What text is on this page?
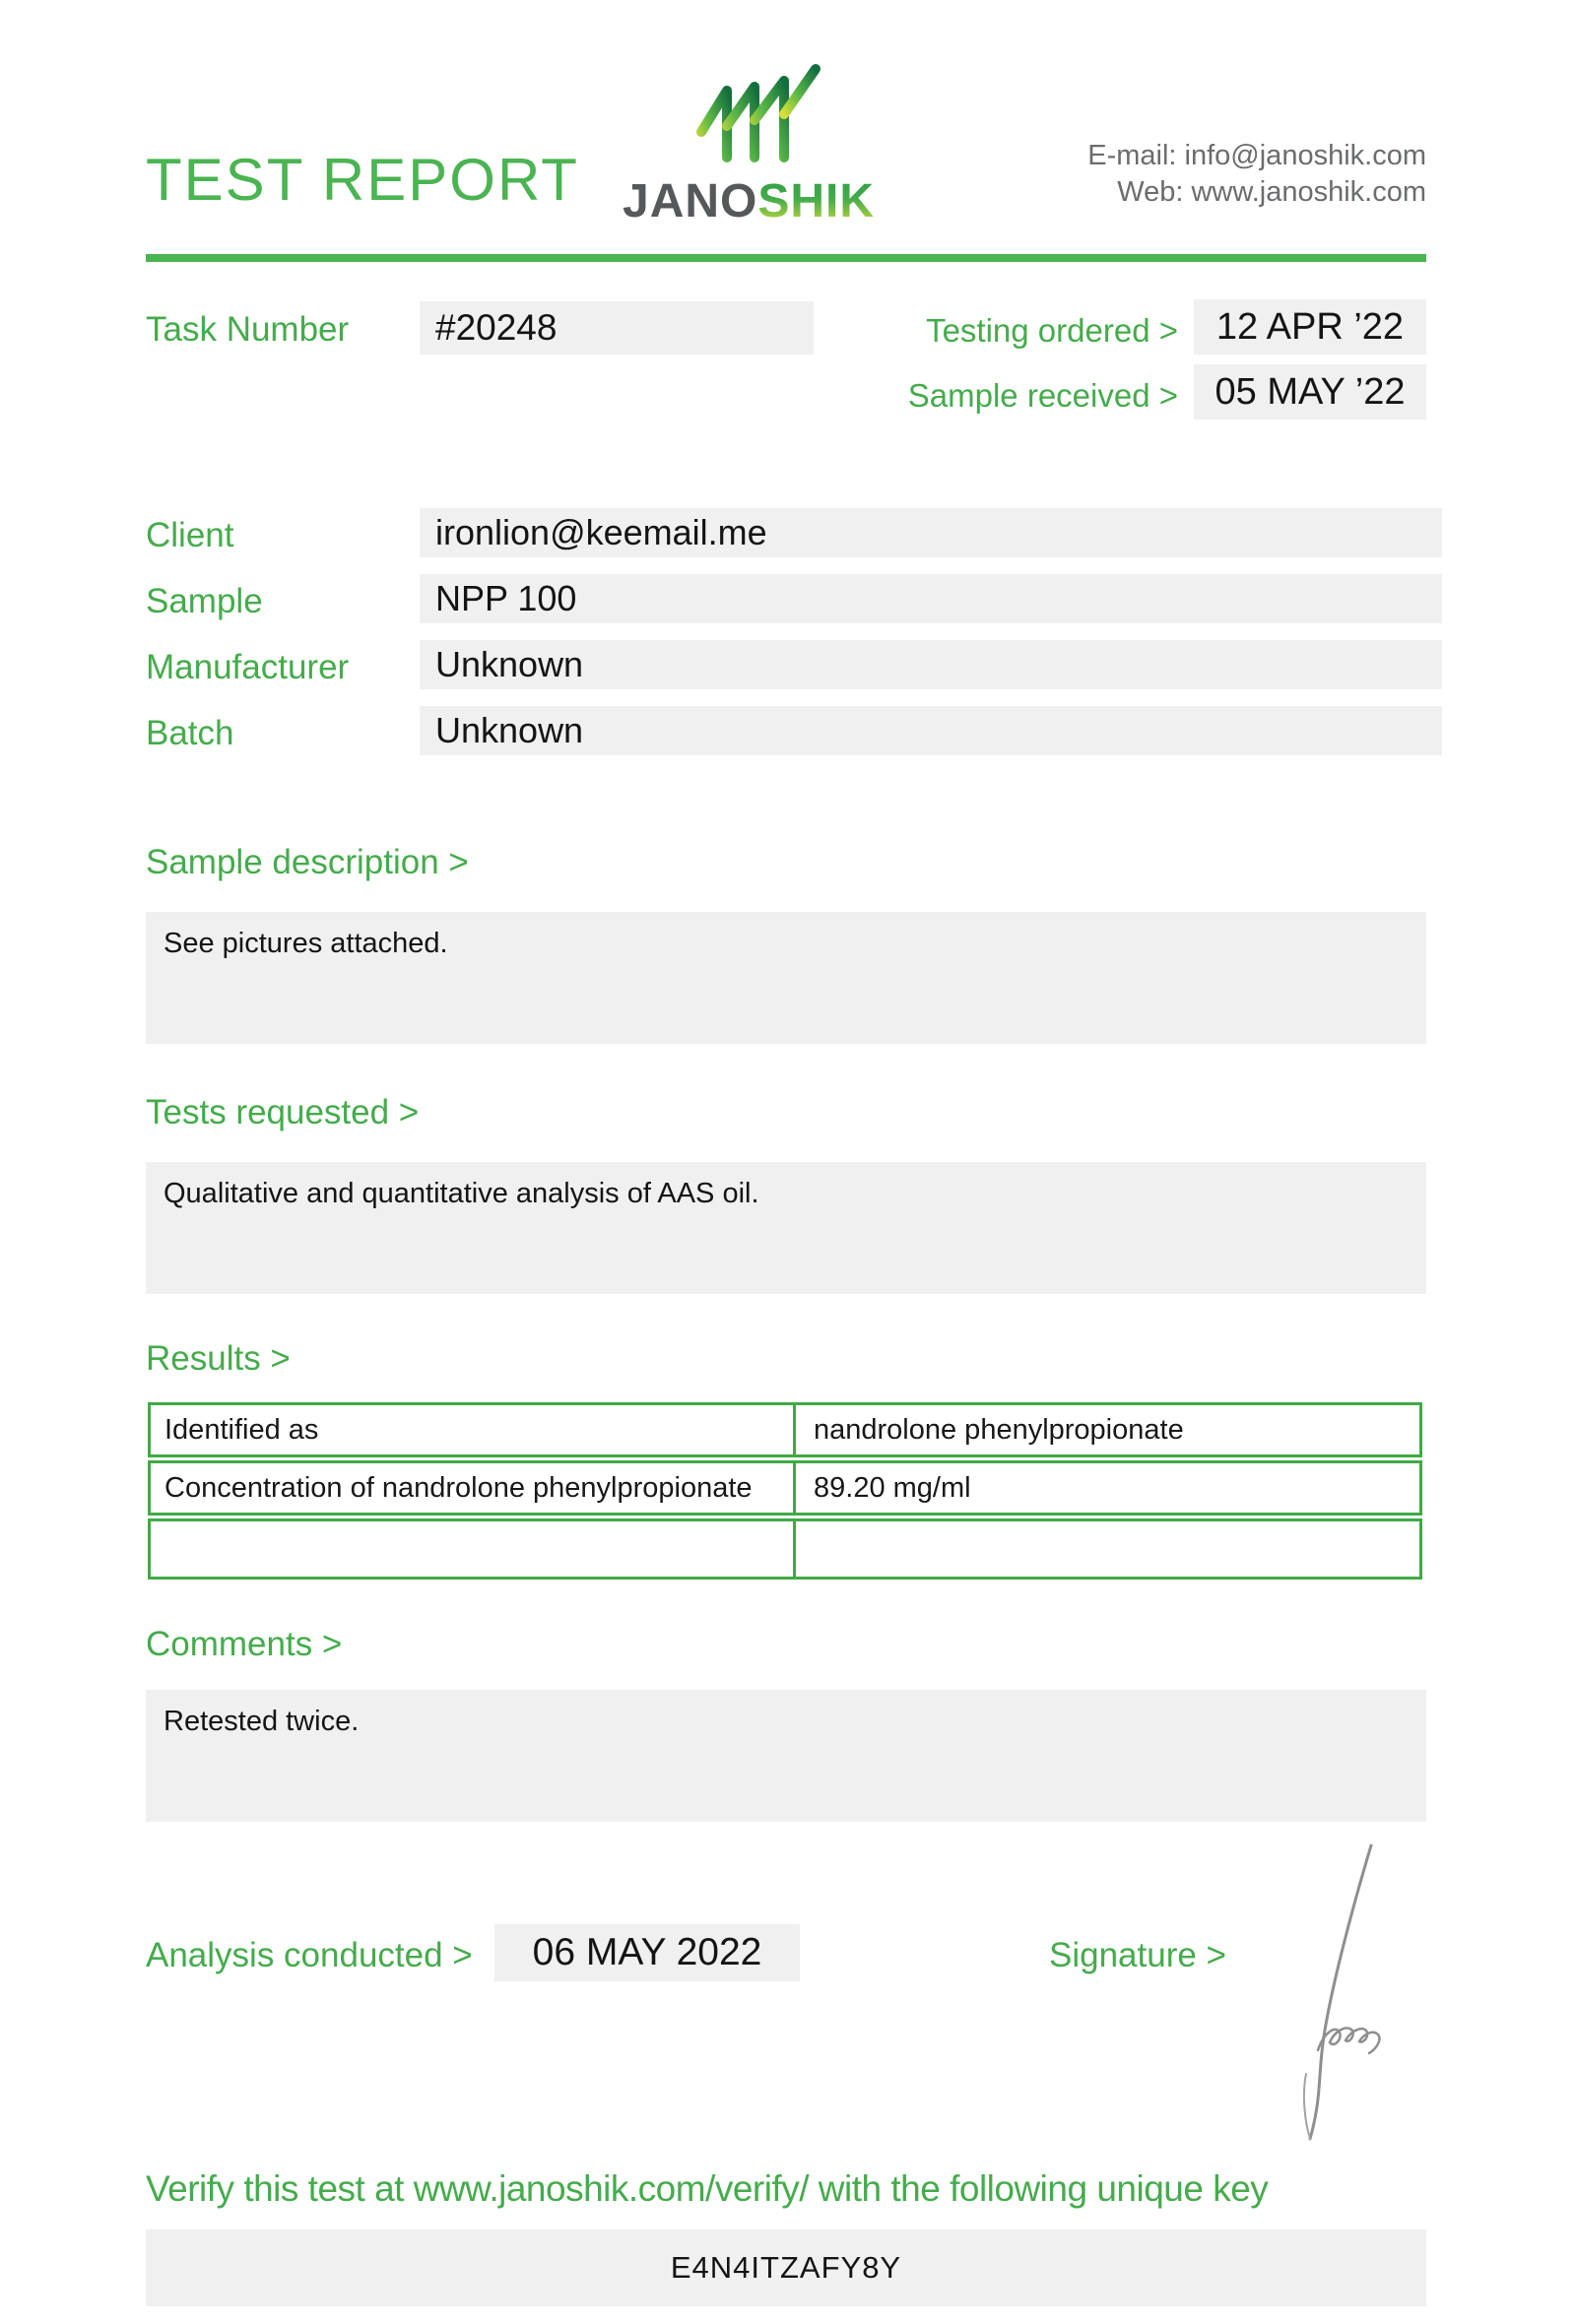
TEST REPORT JANOSHIK
E-mail: info@janoshik.com
Web: www.janoshik.com
Task Number	#20248	Testing ordered >	12 APR ’22
Sample received > 05 MAY ’22
Client	ironlion@keemail.me
Sample	NPP 100
Manufacturer	Unknown
Batch	Unknown
Sample description >
See pictures attached.
Tests requested >
Qualitative and quantitative analysis of AAS oil.
Results >
Identified as	nandrolone phenylpropionate
Concentration of nandrolone phenylpropionate	89.20 mg/ml
Comments >
Retested twice.
Analysis conducted >	06 MAY 2022	Signature >
Verify this test at www.janoshik.com/verify/ with the following unique key
E4N4ITZAFY8Y
